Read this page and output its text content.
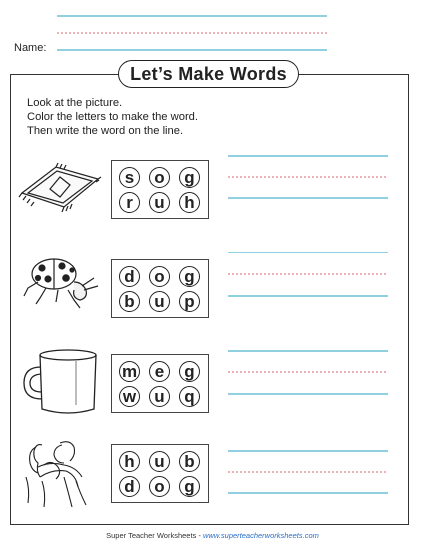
Name:
Let’s Make Words
Look at the picture.
Color the letters to make the word.
Then write the word on the line.
s	o	g
r	u	h
d	o	g
b	u	p
m	e	g
w	u	q
h	u	b
d	o	g
Super Teacher Worksheets - www.superteacherworksheets.com
